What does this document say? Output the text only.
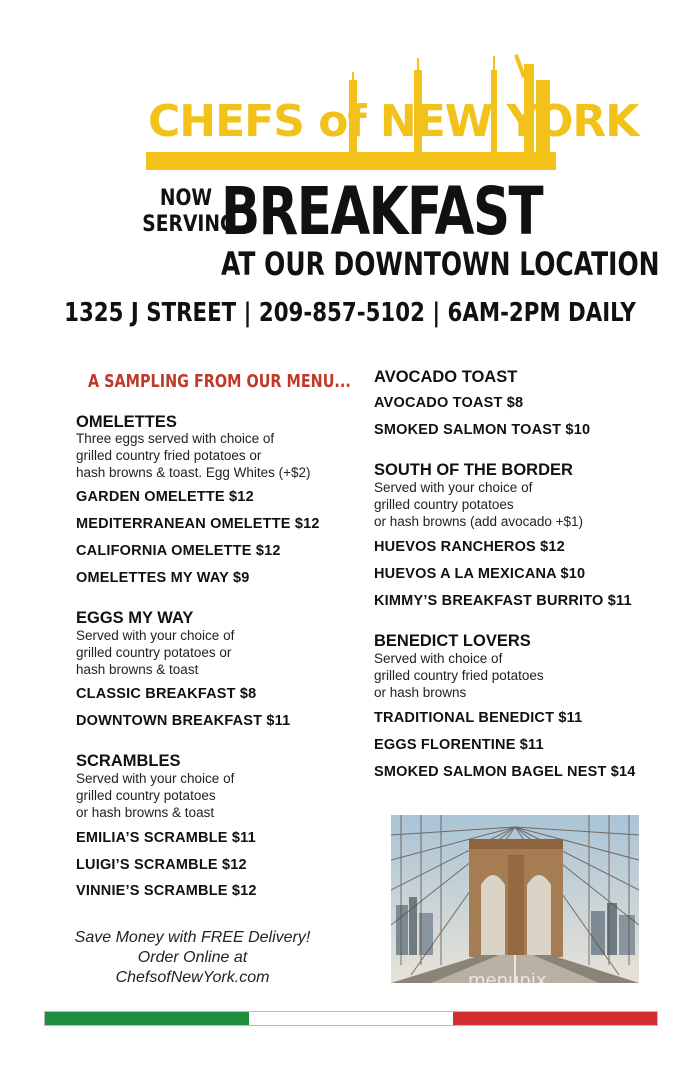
CHEFS of NEW YORK
NOW
SERVING
BREAKFAST
AT OUR DOWNTOWN LOCATION
1325 J STREET | 209-857-5102 | 6AM-2PM DAILY
A SAMPLING FROM OUR MENU...
OMELETTES
Three eggs served with choice of
grilled country fried potatoes or
hash browns & toast. Egg Whites (+$2)
GARDEN OMELETTE $12
MEDITERRANEAN OMELETTE $12
CALIFORNIA OMELETTE $12
OMELETTES MY WAY $9
EGGS MY WAY
Served with your choice of
grilled country potatoes or
hash browns & toast
CLASSIC BREAKFAST $8
DOWNTOWN BREAKFAST $11
SCRAMBLES
Served with your choice of
grilled country potatoes
or hash browns & toast
EMILIA’S SCRAMBLE $11
LUIGI’S SCRAMBLE $12
VINNIE’S SCRAMBLE $12
AVOCADO TOAST
AVOCADO TOAST $8
SMOKED SALMON TOAST $10
SOUTH OF THE BORDER
Served with your choice of
grilled country potatoes
or hash browns (add avocado +$1)
HUEVOS RANCHEROS $12
HUEVOS A LA MEXICANA $10
KIMMY’S BREAKFAST BURRITO $11
BENEDICT LOVERS
Served with choice of
grilled country fried potatoes
or hash browns
TRADITIONAL BENEDICT $11
EGGS FLORENTINE $11
SMOKED SALMON BAGEL NEST $14
Save Money with FREE Delivery!
Order Online at
ChefsofNewYork.com	menupix
